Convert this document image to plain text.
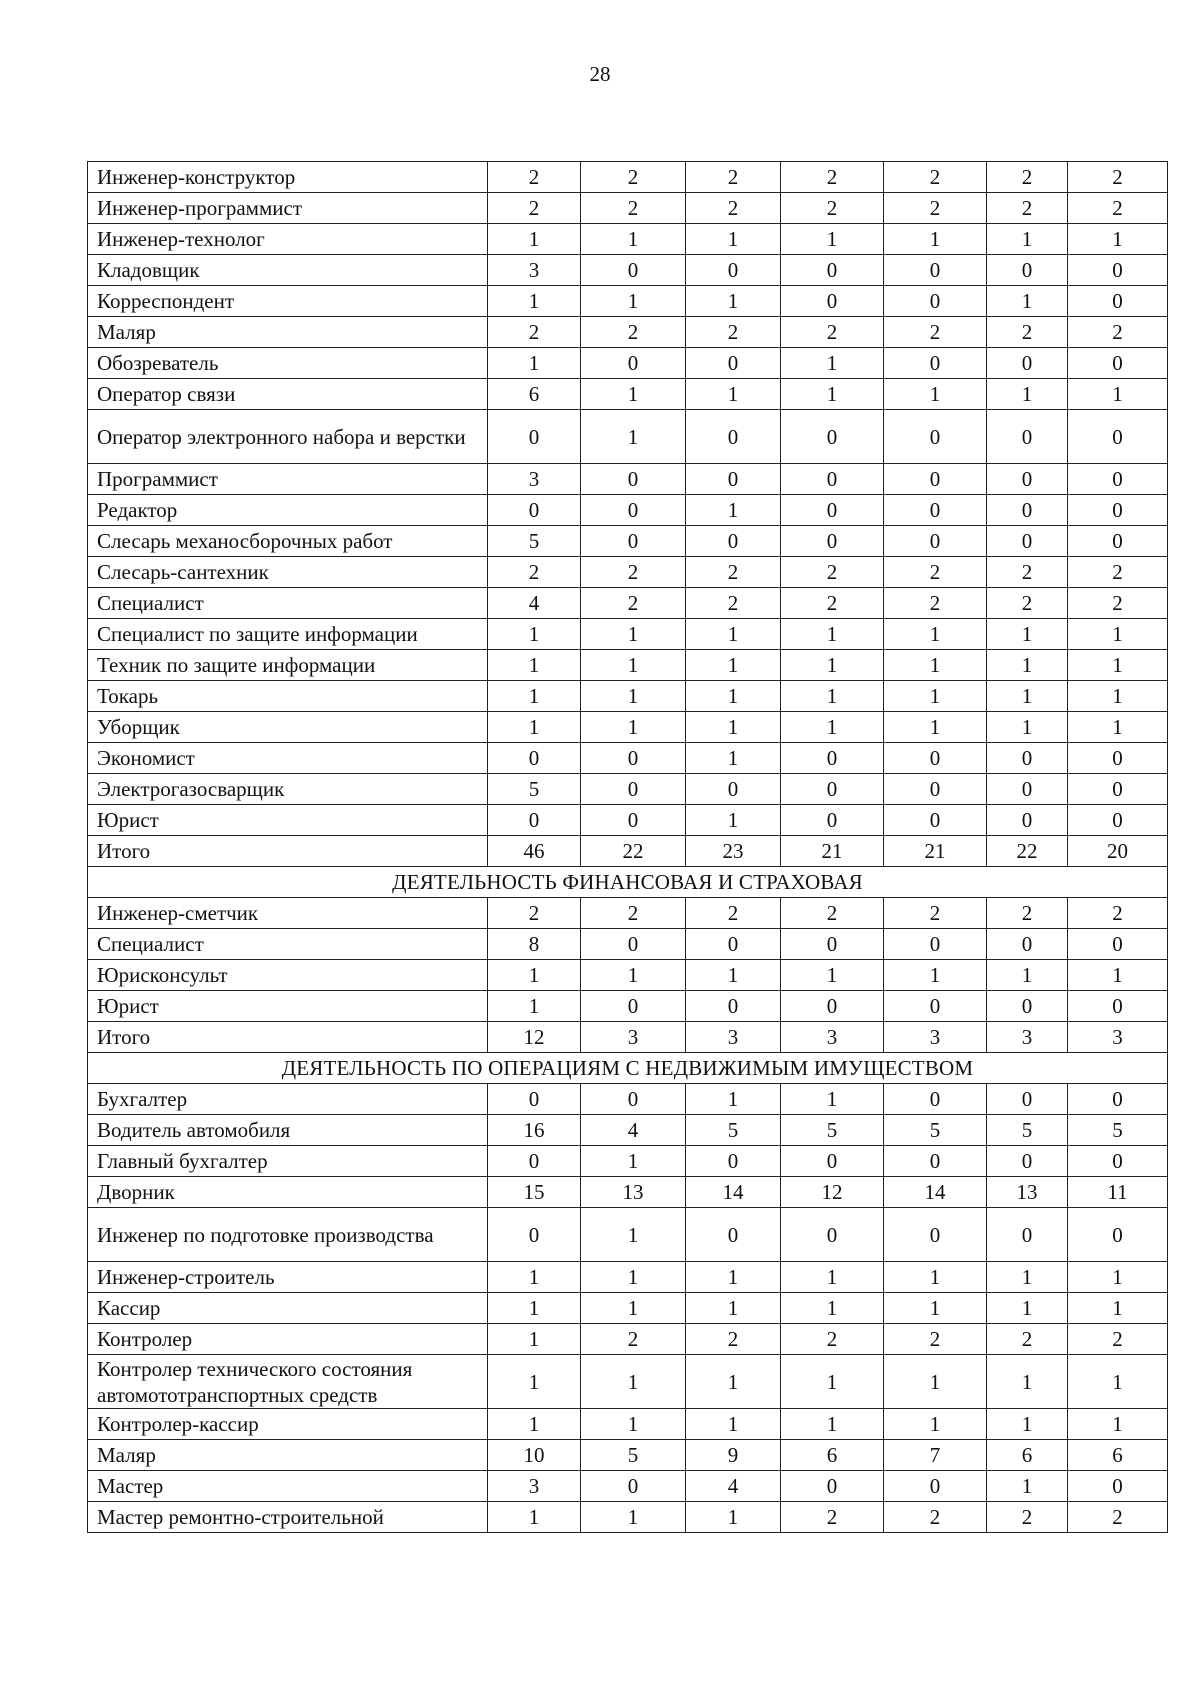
28
Инженер-конструктор	2	2	2	2	2	2	2
Инженер-программист	2	2	2	2	2	2	2
Инженер-технолог	1	1	1	1	1	1	1
Кладовщик	3	0	0	0	0	0	0
Корреспондент	1	1	1	0	0	1	0
Маляр	2	2	2	2	2	2	2
Обозреватель	1	0	0	1	0	0	0
Оператор связи	6	1	1	1	1	1	1
Оператор электронного набора и верстки	0	1	0	0	0	0	0
Программист	3	0	0	0	0	0	0
Редактор	0	0	1	0	0	0	0
Слесарь механосборочных работ	5	0	0	0	0	0	0
Слесарь-сантехник	2	2	2	2	2	2	2
Специалист	4	2	2	2	2	2	2
Специалист по защите информации	1	1	1	1	1	1	1
Техник по защите информации	1	1	1	1	1	1	1
Токарь	1	1	1	1	1	1	1
Уборщик	1	1	1	1	1	1	1
Экономист	0	0	1	0	0	0	0
Электрогазосварщик	5	0	0	0	0	0	0
Юрист	0	0	1	0	0	0	0
Итого	46	22	23	21	21	22	20
ДЕЯТЕЛЬНОСТЬ ФИНАНСОВАЯ И СТРАХОВАЯ							
Инженер-сметчик	2	2	2	2	2	2	2
Специалист	8	0	0	0	0	0	0
Юрисконсульт	1	1	1	1	1	1	1
Юрист	1	0	0	0	0	0	0
Итого	12	3	3	3	3	3	3
ДЕЯТЕЛЬНОСТЬ ПО ОПЕРАЦИЯМ С НЕДВИЖИМЫМ ИМУЩЕСТВОМ							
Бухгалтер	0	0	1	1	0	0	0
Водитель автомобиля	16	4	5	5	5	5	5
Главный бухгалтер	0	1	0	0	0	0	0
Дворник	15	13	14	12	14	13	11
Инженер по подготовке производства	0	1	0	0	0	0	0
Инженер-строитель	1	1	1	1	1	1	1
Кассир	1	1	1	1	1	1	1
Контролер	1	2	2	2	2	2	2
Контролер технического состояния автомототранспортных средств	1	1	1	1	1	1	1
Контролер-кассир	1	1	1	1	1	1	1
Маляр	10	5	9	6	7	6	6
Мастер	3	0	4	0	0	1	0
Мастер ремонтно-строительной	1	1	1	2	2	2	2
